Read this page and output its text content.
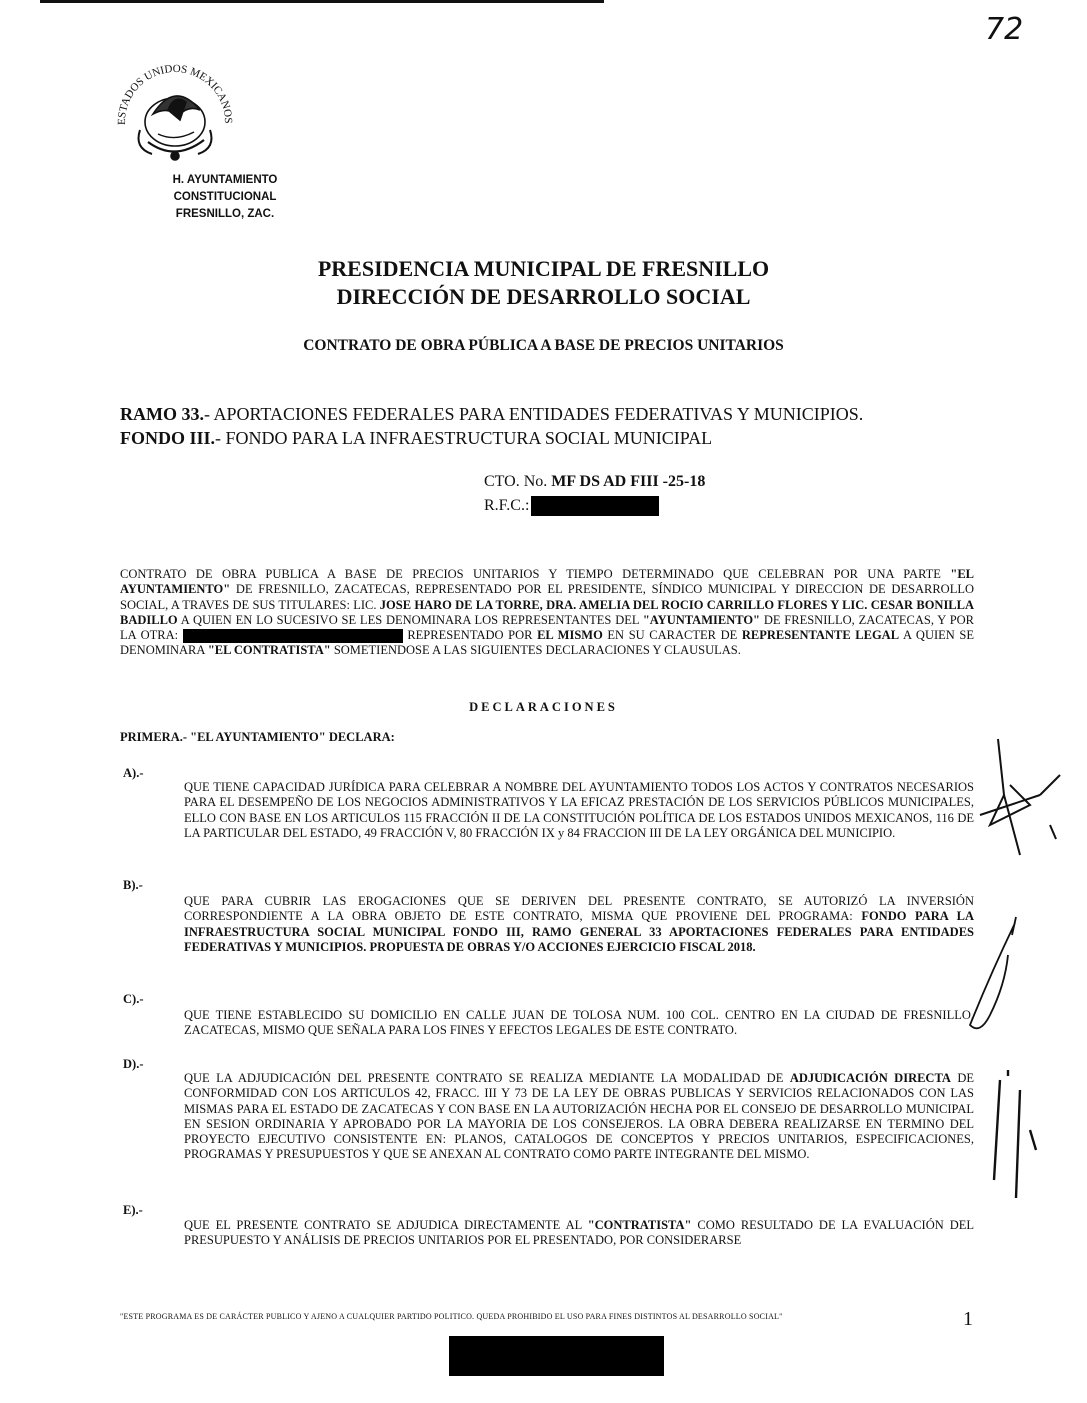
72
ESTADOS UNIDOS MEXICANOS
H. AYUNTAMIENTO
CONSTITUCIONAL
FRESNILLO, ZAC.
PRESIDENCIA MUNICIPAL DE FRESNILLO
DIRECCIÓN DE DESARROLLO SOCIAL
CONTRATO DE OBRA PÚBLICA A BASE DE PRECIOS UNITARIOS
RAMO 33.- APORTACIONES FEDERALES PARA ENTIDADES FEDERATIVAS Y MUNICIPIOS.
FONDO III.- FONDO PARA LA INFRAESTRUCTURA SOCIAL MUNICIPAL
CTO. No. MF DS AD FIII -25-18
R.F.C.:
CONTRATO DE OBRA PUBLICA A BASE DE PRECIOS UNITARIOS Y TIEMPO DETERMINADO QUE CELEBRAN POR UNA PARTE "EL AYUNTAMIENTO" DE FRESNILLO, ZACATECAS, REPRESENTADO POR EL PRESIDENTE, SÍNDICO MUNICIPAL Y DIRECCION DE DESARROLLO SOCIAL, A TRAVES DE SUS TITULARES: LIC. JOSE HARO DE LA TORRE, DRA. AMELIA DEL ROCIO CARRILLO FLORES Y LIC. CESAR BONILLA BADILLO A QUIEN EN LO SUCESIVO SE LES DENOMINARA LOS REPRESENTANTES DEL "AYUNTAMIENTO" DE FRESNILLO, ZACATECAS, Y POR LA OTRA:	REPRESENTADO POR EL MISMO EN SU CARACTER DE REPRESENTANTE LEGAL A QUIEN SE DENOMINARA "EL CONTRATISTA" SOMETIENDOSE A LAS SIGUIENTES DECLARACIONES Y CLAUSULAS.
DECLARACIONES
PRIMERA.- "EL AYUNTAMIENTO" DECLARA:
A).-
QUE TIENE CAPACIDAD JURÍDICA PARA CELEBRAR A NOMBRE DEL AYUNTAMIENTO TODOS LOS ACTOS Y CONTRATOS NECESARIOS PARA EL DESEMPEÑO DE LOS NEGOCIOS ADMINISTRATIVOS Y LA EFICAZ PRESTACIÓN DE LOS SERVICIOS PÚBLICOS MUNICIPALES, ELLO CON BASE EN LOS ARTICULOS 115 FRACCIÓN II DE LA CONSTITUCIÓN POLÍTICA DE LOS ESTADOS UNIDOS MEXICANOS, 116 DE LA PARTICULAR DEL ESTADO, 49 FRACCIÓN V, 80 FRACCIÓN IX y 84 FRACCION III DE LA LEY ORGÁNICA DEL MUNICIPIO.
B).-
QUE PARA CUBRIR LAS EROGACIONES QUE SE DERIVEN DEL PRESENTE CONTRATO, SE AUTORIZÓ LA INVERSIÓN CORRESPONDIENTE A LA OBRA OBJETO DE ESTE CONTRATO, MISMA QUE PROVIENE DEL PROGRAMA: FONDO PARA LA INFRAESTRUCTURA SOCIAL MUNICIPAL FONDO III, RAMO GENERAL 33 APORTACIONES FEDERALES PARA ENTIDADES FEDERATIVAS Y MUNICIPIOS. PROPUESTA DE OBRAS Y/O ACCIONES EJERCICIO FISCAL 2018.
C).-
QUE TIENE ESTABLECIDO SU DOMICILIO EN CALLE JUAN DE TOLOSA NUM. 100 COL. CENTRO EN LA CIUDAD DE FRESNILLO, ZACATECAS, MISMO QUE SEÑALA PARA LOS FINES Y EFECTOS LEGALES DE ESTE CONTRATO.
D).-
QUE LA ADJUDICACIÓN DEL PRESENTE CONTRATO SE REALIZA MEDIANTE LA MODALIDAD DE ADJUDICACIÓN DIRECTA DE CONFORMIDAD CON LOS ARTICULOS 42, FRACC. III Y 73 DE LA LEY DE OBRAS PUBLICAS Y SERVICIOS RELACIONADOS CON LAS MISMAS PARA EL ESTADO DE ZACATECAS Y CON BASE EN LA AUTORIZACIÓN HECHA POR EL CONSEJO DE DESARROLLO MUNICIPAL EN SESION ORDINARIA Y APROBADO POR LA MAYORIA DE LOS CONSEJEROS. LA OBRA DEBERA REALIZARSE EN TERMINO DEL PROYECTO EJECUTIVO CONSISTENTE EN: PLANOS, CATALOGOS DE CONCEPTOS Y PRECIOS UNITARIOS, ESPECIFICACIONES, PROGRAMAS Y PRESUPUESTOS Y QUE SE ANEXAN AL CONTRATO COMO PARTE INTEGRANTE DEL MISMO.
E).-
QUE EL PRESENTE CONTRATO SE ADJUDICA DIRECTAMENTE AL "CONTRATISTA" COMO RESULTADO DE LA EVALUACIÓN DEL PRESUPUESTO Y ANÁLISIS DE PRECIOS UNITARIOS POR EL PRESENTADO, POR CONSIDERARSE
"ESTE PROGRAMA ES DE CARÁCTER PUBLICO Y AJENO A CUALQUIER PARTIDO POLITICO. QUEDA PROHIBIDO EL USO PARA FINES DISTINTOS AL DESARROLLO SOCIAL"	1
